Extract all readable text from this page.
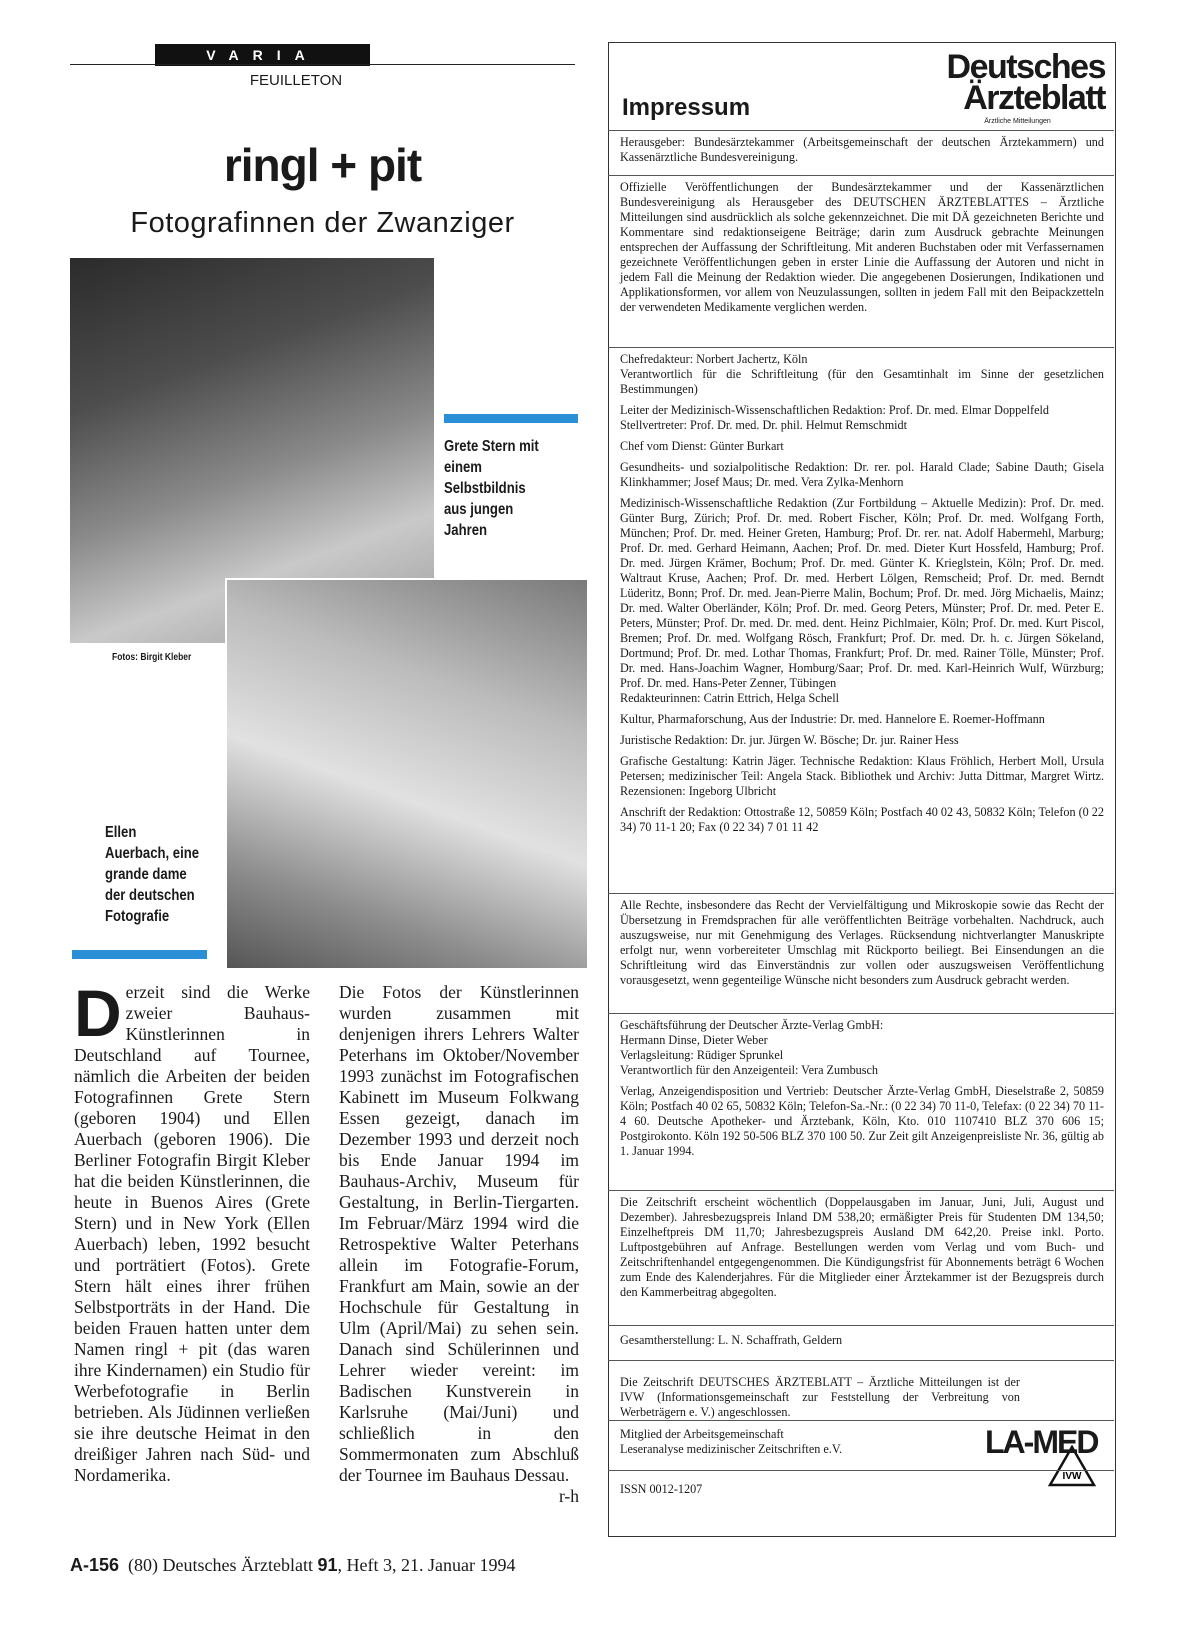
VARIA
FEUILLETON
ringl + pit
Fotografinnen der Zwanziger
Grete Stern mit einem Selbstbildnis aus jungen Jahren
Fotos: Birgit Kleber
Ellen Auerbach, eine grande dame der deutschen Fotografie
Derzeit sind die Werke zweier Bauhaus-Künstlerinnen in Deutschland auf Tournee, nämlich die Arbeiten der beiden Fotografinnen Grete Stern (geboren 1904) und Ellen Auerbach (geboren 1906). Die Berliner Fotografin Birgit Kleber hat die beiden Künstlerinnen, die heute in Buenos Aires (Grete Stern) und in New York (Ellen Auerbach) leben, 1992 besucht und porträtiert (Fotos). Grete Stern hält eines ihrer frühen Selbstporträts in der Hand. Die beiden Frauen hatten unter dem Namen ringl + pit (das waren ihre Kindernamen) ein Studio für Werbefotografie in Berlin betrieben. Als Jüdinnen verließen sie ihre deutsche Heimat in den dreißiger Jahren nach Süd- und Nordamerika.
Die Fotos der Künstlerinnen wurden zusammen mit denjenigen ihrers Lehrers Walter Peterhans im Oktober/November 1993 zunächst im Fotografischen Kabinett im Museum Folkwang Essen gezeigt, danach im Dezember 1993 und derzeit noch bis Ende Januar 1994 im Bauhaus-Archiv, Museum für Gestaltung, in Berlin-Tiergarten. Im Februar/März 1994 wird die Retrospektive Walter Peterhans allein im Fotografie-Forum, Frankfurt am Main, sowie an der Hochschule für Gestaltung in Ulm (April/Mai) zu sehen sein. Danach sind Schülerinnen und Lehrer wieder vereint: im Badischen Kunstverein in Karlsruhe (Mai/Juni) und schließlich in den Sommermonaten zum Abschluß der Tournee im Bauhaus Dessau.
r-h
A-156 (80) Deutsches Ärzteblatt 91, Heft 3, 21. Januar 1994
Impressum
Deutsches
Ärzteblatt
Ärztliche Mitteilungen
Herausgeber: Bundesärztekammer (Arbeitsgemeinschaft der deutschen Ärztekammern) und Kassenärztliche Bundesvereinigung.
Offizielle Veröffentlichungen der Bundesärztekammer und der Kassenärztlichen Bundesvereinigung als Herausgeber des DEUTSCHEN ÄRZTEBLATTES – Ärztliche Mitteilungen sind ausdrücklich als solche gekennzeichnet. Die mit DÄ gezeichneten Berichte und Kommentare sind redaktionseigene Beiträge; darin zum Ausdruck gebrachte Meinungen entsprechen der Auffassung der Schriftleitung. Mit anderen Buchstaben oder mit Verfassernamen gezeichnete Veröffentlichungen geben in erster Linie die Auffassung der Autoren und nicht in jedem Fall die Meinung der Redaktion wieder. Die angegebenen Dosierungen, Indikationen und Applikationsformen, vor allem von Neuzulassungen, sollten in jedem Fall mit den Beipackzetteln der verwendeten Medikamente verglichen werden.

Chefredakteur: Norbert Jachertz, Köln
Verantwortlich für die Schriftleitung (für den Gesamtinhalt im Sinne der gesetzlichen Bestimmungen)

Leiter der Medizinisch-Wissenschaftlichen Redaktion: Prof. Dr. med. Elmar Doppelfeld
Stellvertreter: Prof. Dr. med. Dr. phil. Helmut Remschmidt

Chef vom Dienst: Günter Burkart

Gesundheits- und sozialpolitische Redaktion: Dr. rer. pol. Harald Clade; Sabine Dauth; Gisela Klinkhammer; Josef Maus; Dr. med. Vera Zylka-Menhorn

Medizinisch-Wissenschaftliche Redaktion (Zur Fortbildung – Aktuelle Medizin): Prof. Dr. med. Günter Burg, Zürich; Prof. Dr. med. Robert Fischer, Köln; Prof. Dr. med. Wolfgang Forth, München; Prof. Dr. med. Heiner Greten, Hamburg; Prof. Dr. rer. nat. Adolf Habermehl, Marburg; Prof. Dr. med. Gerhard Heimann, Aachen; Prof. Dr. med. Dieter Kurt Hossfeld, Hamburg; Prof. Dr. med. Jürgen Krämer, Bochum; Prof. Dr. med. Günter K. Krieglstein, Köln; Prof. Dr. med. Waltraut Kruse, Aachen; Prof. Dr. med. Herbert Lölgen, Remscheid; Prof. Dr. med. Berndt Lüderitz, Bonn; Prof. Dr. med. Jean-Pierre Malin, Bochum; Prof. Dr. med. Jörg Michaelis, Mainz; Dr. med. Walter Oberländer, Köln; Prof. Dr. med. Georg Peters, Münster; Prof. Dr. med. Peter E. Peters, Münster; Prof. Dr. med. Dr. med. dent. Heinz Pichlmaier, Köln; Prof. Dr. med. Kurt Piscol, Bremen; Prof. Dr. med. Wolfgang Rösch, Frankfurt; Prof. Dr. med. Dr. h. c. Jürgen Sökeland, Dortmund; Prof. Dr. med. Lothar Thomas, Frankfurt; Prof. Dr. med. Rainer Tölle, Münster; Prof. Dr. med. Hans-Joachim Wagner, Homburg/Saar; Prof. Dr. med. Karl-Heinrich Wulf, Würzburg; Prof. Dr. med. Hans-Peter Zenner, Tübingen
Redakteurinnen: Catrin Ettrich, Helga Schell

Kultur, Pharmaforschung, Aus der Industrie: Dr. med. Hannelore E. Roemer-Hoffmann

Juristische Redaktion: Dr. jur. Jürgen W. Bösche; Dr. jur. Rainer Hess

Grafische Gestaltung: Katrin Jäger. Technische Redaktion: Klaus Fröhlich, Herbert Moll, Ursula Petersen; medizinischer Teil: Angela Stack. Bibliothek und Archiv: Jutta Dittmar, Margret Wirtz. Rezensionen: Ingeborg Ulbricht

Anschrift der Redaktion: Ottostraße 12, 50859 Köln; Postfach 40 02 43, 50832 Köln; Telefon (0 22 34) 70 11-1 20; Fax (0 22 34) 7 01 11 42

Alle Rechte, insbesondere das Recht der Vervielfältigung und Mikroskopie sowie das Recht der Übersetzung in Fremdsprachen für alle veröffentlichten Beiträge vorbehalten. Nachdruck, auch auszugsweise, nur mit Genehmigung des Verlages. Rücksendung nichtverlangter Manuskripte erfolgt nur, wenn vorbereiteter Umschlag mit Rückporto beiliegt. Bei Einsendungen an die Schriftleitung wird das Einverständnis zur vollen oder auszugsweisen Veröffentlichung vorausgesetzt, wenn gegenteilige Wünsche nicht besonders zum Ausdruck gebracht werden.

Geschäftsführung der Deutscher Ärzte-Verlag GmbH:
Hermann Dinse, Dieter Weber
Verlagsleitung: Rüdiger Sprunkel
Verantwortlich für den Anzeigenteil: Vera Zumbusch

Verlag, Anzeigendisposition und Vertrieb: Deutscher Ärzte-Verlag GmbH, Dieselstraße 2, 50859 Köln; Postfach 40 02 65, 50832 Köln; Telefon-Sa.-Nr.: (0 22 34) 70 11-0, Telefax: (0 22 34) 70 11-4 60. Deutsche Apotheker- und Ärztebank, Köln, Kto. 010 1107410 BLZ 370 606 15; Postgirokonto. Köln 192 50-506 BLZ 370 100 50. Zur Zeit gilt Anzeigenpreisliste Nr. 36, gültig ab 1. Januar 1994.

Die Zeitschrift erscheint wöchentlich (Doppelausgaben im Januar, Juni, Juli, August und Dezember). Jahresbezugspreis Inland DM 538,20; ermäßigter Preis für Studenten DM 134,50; Einzelheftpreis DM 11,70; Jahresbezugspreis Ausland DM 642,20. Preise inkl. Porto. Luftpostgebühren auf Anfrage. Bestellungen werden vom Verlag und vom Buch- und Zeitschriftenhandel entgegengenommen. Die Kündigungsfrist für Abonnements beträgt 6 Wochen zum Ende des Kalenderjahres. Für die Mitglieder einer Ärztekammer ist der Bezugspreis durch den Kammerbeitrag abgegolten.
Gesamtherstellung: L. N. Schaffrath, Geldern
Die Zeitschrift DEUTSCHES ÄRZTEBLATT – Ärztliche Mitteilungen ist der IVW (Informationsgemeinschaft zur Feststellung der Verbreitung von Werbeträgern e. V.) angeschlossen.
IVW
Mitglied der Arbeitsgemeinschaft
Leseranalyse medizinischer Zeitschriften e.V.	LA-MED
ISSN 0012-1207
